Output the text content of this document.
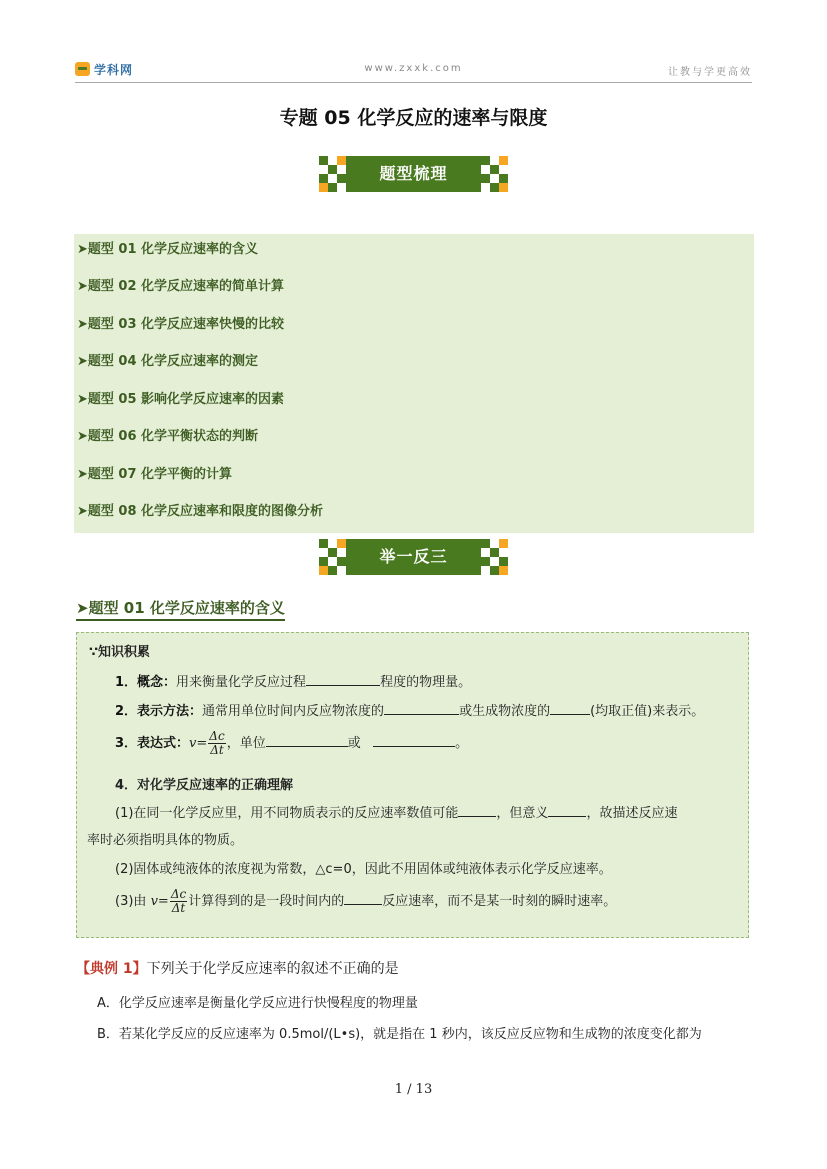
学科网	www.zxxk.com	让教与学更高效
专题 05 化学反应的速率与限度
题型梳理
➤题型 01 化学反应速率的含义
➤题型 02 化学反应速率的简单计算
➤题型 03 化学反应速率快慢的比较
➤题型 04 化学反应速率的测定
➤题型 05 影响化学反应速率的因素
➤题型 06 化学平衡状态的判断
➤题型 07 化学平衡的计算
➤题型 08 化学反应速率和限度的图像分析
举一反三
➤题型 01 化学反应速率的含义
∵知识积累
1．概念：用来衡量化学反应过程	程度的物理量。
2．表示方法：通常用单位时间内反应物浓度的	或生成物浓度的	(均取正值)来表示。
3．表达式：$v= \frac{\Delta c}{\Delta t}$ ，单位	或	。
4．对化学反应速率的正确理解
(1)在同一化学反应里，用不同物质表示的反应速率数值可能	，但意义	，故描述反应速
率时必须指明具体的物质。
(2)固体或纯液体的浓度视为常数，△c=0，因此不用固体或纯液体表示化学反应速率。
(3)由 $v= \frac{\Delta c}{\Delta t}$ 计算得到的是一段时间内的	反应速率，而不是某一时刻的瞬时速率。
【典例 1】下列关于化学反应速率的叙述不正确的是
A．化学反应速率是衡量化学反应进行快慢程度的物理量
B．若某化学反应的反应速率为 0.5mol/(L•s)，就是指在 1 秒内，该反应反应物和生成物的浓度变化都为
1 / 13
